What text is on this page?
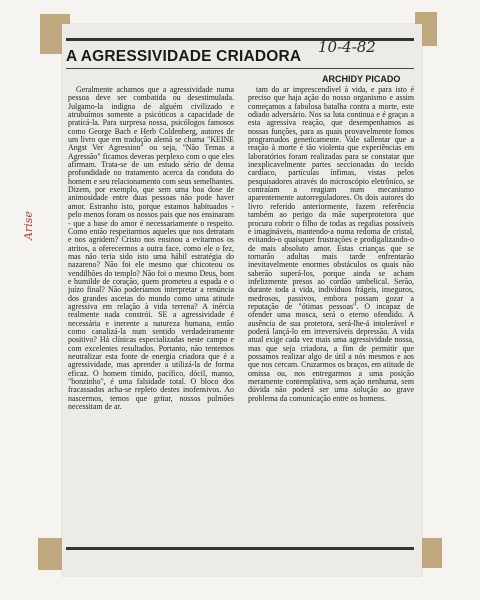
A AGRESSIVIDADE CRIADORA
10-4-82
ARCHIDY PICADO

Geralmente achamos que a agressividade numa pessoa deve ser combatida ou desestimulada. Julgamo-la indigna de alguém civilizado e atrubuímos somente a psicóticos a capacidade de praticá-la. Para surpresa nossa, psicólogos famosos como George Bach e Herb Coldenberg, autores de um livro que em tradução alemã se chama "KEINE Angst Ver Agression" ou seja, "Não Temas a Agressão" ficamos deveras perplexo com o que eles afirmam. Trata-se de um estudo sério de densa profundidade no tratamento acerca da conduta do homem e seu relacionamento com seus semelhantes. Dizem, por exemplo, que sem uma boa dose de animosidade entre duas pessoas não pode haver amor. Estranho isto, porque estamos habituados - pelo menos foram os nossos pais que nos ensinaram - que a base do amor é necessariamente o respeito. Como então respeitarmos aqueles que nos detratam e nos agridem? Cristo nos ensinou a evitarmos os atritos, a oferecermos a outra face, como ele o fez, mas não teria sido isto uma hábil estratégia do nazareno? Não foi ele mesmo que chicoteou os vendilhões do templo? Não foi o mesmo Deus, bom e humilde de coração, quem prometeu a espada e o juízo final? Não poderíamos interpretar a renúncia dos grandes ascetas do mundo como uma atitude agressiva em relação à vida terrena? A inércia realmente nada constrói. SE a agressividade é necessária e inerente a natureza humana, então como canalizá-la num sentido verdadeiramente positivo? Há clínicas especializadas neste campo e com excelentes resultados. Portanto, não tentemos neutralizar esta fonte de energia criadora que é a agressividade, mas aprender a utilizá-la de forma eficaz. O homem tímido, pacífico, dócil, manso, "bonzinho", é uma falsidade total. O bloco dos fracassados acha-se repleto destes inofensivos. Ao nascermos, temos que gritar, nossos pulmões necessitam de ar.

tam do ar imprescendível à vida, e para isto é preciso que haja ação do nosso organismo e assim começamos a fabulosa batalha contra a morte, este odiado adversário. Nos sa luta continua e é graças a esta agressiva reação, que desempenhamos as nossas funções, para as quais provavelmente fomos programados geneticamente. Vale sallentar que a reação à morte é tão violenta que experiências em laboratórios foram realizadas para se constatar que inexplicavelmente partes seccionadas do tecido cardíaco, partículas ínfimas, vistas pelos pesquisadores através do microscópio eletrônico, se contraíam a reagiam num mecanismo aparentemente autorreguladores. Os dois autores do livro referido anteriormente, fazem referência também ao perigo da mãe superprotetora que procura cobrir o filho de todas as regalias possíveis e imagináveis, mantendo-a numa redoma de cristal, evitando-o quaisquer frustrações e prodigalizando-o de mais absoluto amor. Estas crianças que se tornarão adultas mais tarde enfrentarão inevitavelmente enormes obstáculos os quais não saberão superá-los, porque ainda se acham infelizmente presos ao cordão umbelical. Serão, durante toda a vida, indivíduos frágeis, inseguros, medrosos, passivos, embora possam gozar a reputação de "ótimas pessoas". O incapaz de ofender uma mosca, será o eterno ofendido. A ausência de sua protetora, será-lhe-á intolerável e poderá lançá-lo em irreversíveis depressão. A vida atual exige cada vez mais uma agressividade nossa, mas que seja criadora, a fim de permitir que possamos realizar algo de útil a nós mesmos e aos que nos cercam. Cruzarmos os braços, em atitude de omissa ou, nos entregarmos a uma posição meramente contemplativa, sem ação nenhuma, sem dúvida não poderá ser uma solução ao grave problema da comunicação entre os homens.

Arise
